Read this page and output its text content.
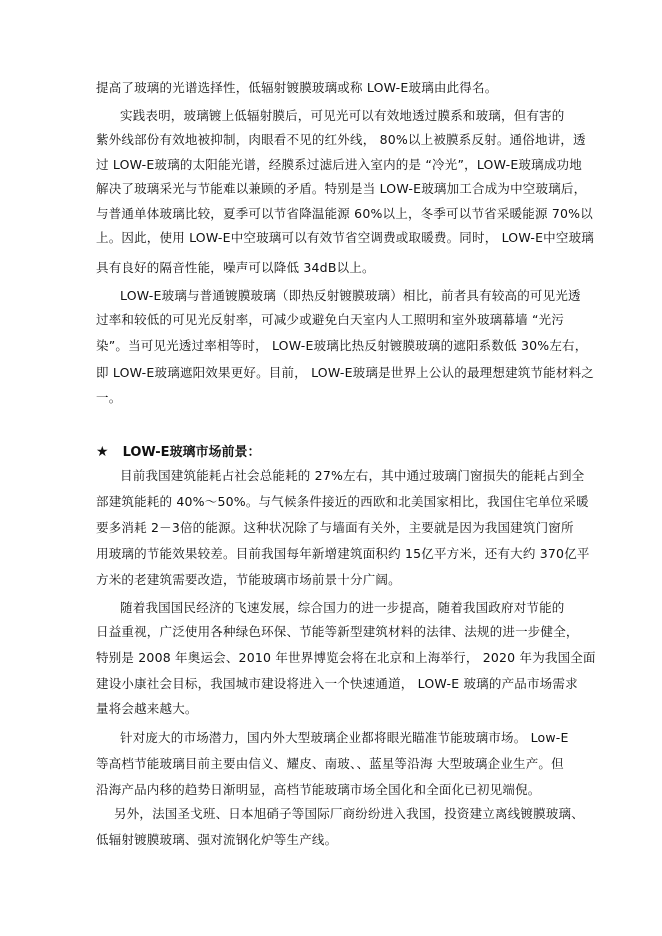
提高了玻璃的光谱选择性，低辐射镀膜玻璃或称 LOW-E玻璃由此得名。
实践表明，玻璃镀上低辐射膜后，可见光可以有效地透过膜系和玻璃，但有害的
紫外线部份有效地被抑制，肉眼看不见的红外线， 80%以上被膜系反射。通俗地讲，透
过 LOW-E玻璃的太阳能光谱，经膜系过滤后进入室内的是 “冷光”，LOW-E玻璃成功地
解决了玻璃采光与节能难以兼顾的矛盾。特别是当 LOW-E玻璃加工合成为中空玻璃后，
与普通单体玻璃比较，夏季可以节省降温能源 60%以上，冬季可以节省采暖能源 70%以
上。因此，使用 LOW-E中空玻璃可以有效节省空调费或取暖费。同时， LOW-E中空玻璃
具有良好的隔音性能，噪声可以降低 34dB以上。
LOW-E玻璃与普通镀膜玻璃（即热反射镀膜玻璃）相比，前者具有较高的可见光透
过率和较低的可见光反射率，可减少或避免白天室内人工照明和室外玻璃幕墙 “光污
染”。当可见光透过率相等时， LOW-E玻璃比热反射镀膜玻璃的遮阳系数低 30%左右，
即 LOW-E玻璃遮阳效果更好。目前， LOW-E玻璃是世界上公认的最理想建筑节能材料之
一。
★ LOW-E玻璃市场前景：
目前我国建筑能耗占社会总能耗的 27%左右，其中通过玻璃门窗损失的能耗占到全
部建筑能耗的 40%～50%。与气候条件接近的西欧和北美国家相比，我国住宅单位采暖
要多消耗 2－3倍的能源。这种状况除了与墙面有关外，主要就是因为我国建筑门窗所
用玻璃的节能效果较差。目前我国每年新增建筑面积约 15亿平方米，还有大约 370亿平
方米的老建筑需要改造，节能玻璃市场前景十分广阔。
随着我国国民经济的飞速发展，综合国力的进一步提高，随着我国政府对节能的
日益重视，广泛使用各种绿色环保、节能等新型建筑材料的法律、法规的进一步健全，
特别是 2008 年奥运会、2010 年世界博览会将在北京和上海举行， 2020 年为我国全面
建设小康社会目标，我国城市建设将进入一个快速通道， LOW-E 玻璃的产品市场需求
量将会越来越大。
针对庞大的市场潜力，国内外大型玻璃企业都将眼光瞄准节能玻璃市场。 Low-E
等高档节能玻璃目前主要由信义、耀皮、南玻、、蓝星等沿海 大型玻璃企业生产。但
沿海产品内移的趋势日渐明显，高档节能玻璃市场全国化和全面化已初见端倪。
另外，法国圣戈班、日本旭硝子等国际厂商纷纷进入我国，投资建立离线镀膜玻璃、
低辐射镀膜玻璃、强对流钢化炉等生产线。
